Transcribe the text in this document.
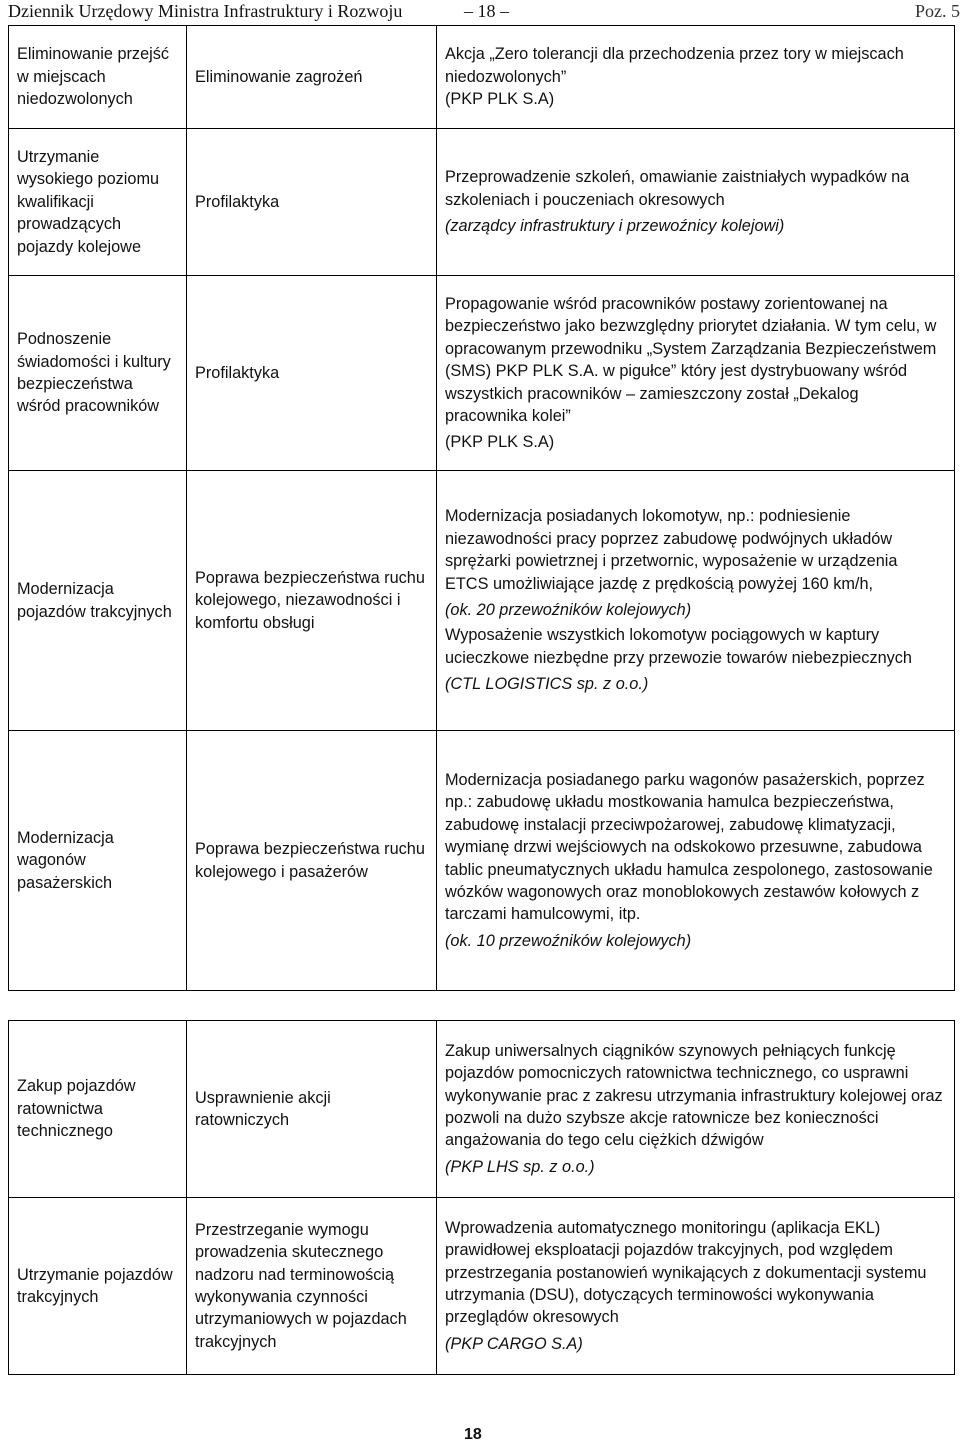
Dziennik Urzędowy Ministra Infrastruktury i Rozwoju	– 18 –	Poz. 5
Eliminowanie przejść w miejscach niedozwolonych	Eliminowanie zagrożeń	Akcja „Zero tolerancji dla przechodzenia przez tory w miejscach niedozwolonych”
(PKP PLK S.A)

Utrzymanie wysokiego poziomu kwalifikacji prowadzących pojazdy kolejowe	Profilaktyka	Przeprowadzenie szkoleń, omawianie zaistniałych wypadków na szkoleniach i pouczeniach okresowych
(zarządcy infrastruktury i przewoźnicy kolejowi)

Podnoszenie świadomości i kultury bezpieczeństwa wśród pracowników	Profilaktyka	Propagowanie wśród pracowników postawy zorientowanej na bezpieczeństwo jako bezwzględny priorytet działania. W tym celu, w opracowanym przewodniku „System Zarządzania Bezpieczeństwem (SMS) PKP PLK S.A. w pigułce” który jest dystrybuowany wśród wszystkich pracowników – zamieszczony został „Dekalog pracownika kolei”
(PKP PLK S.A)

Modernizacja pojazdów trakcyjnych	Poprawa bezpieczeństwa ruchu kolejowego, niezawodności i komfortu obsługi	Modernizacja posiadanych lokomotyw, np.: podniesienie niezawodności pracy poprzez zabudowę podwójnych układów sprężarki powietrznej i przetwornic, wyposażenie w urządzenia ETCS umożliwiające jazdę z prędkością powyżej 160 km/h,
(ok. 20 przewoźników kolejowych)
Wyposażenie wszystkich lokomotyw pociągowych w kaptury ucieczkowe niezbędne przy przewozie towarów niebezpiecznych
(CTL LOGISTICS sp. z o.o.)

Modernizacja wagonów pasażerskich	Poprawa bezpieczeństwa ruchu kolejowego i pasażerów	Modernizacja posiadanego parku wagonów pasażerskich, poprzez np.: zabudowę układu mostkowania hamulca bezpieczeństwa, zabudowę instalacji przeciwpożarowej, zabudowę klimatyzacji, wymianę drzwi wejściowych na odskokowo przesuwne, zabudowa tablic pneumatycznych układu hamulca zespolonego, zastosowanie wózków wagonowych oraz monoblokowych zestawów kołowych z tarczami hamulcowymi, itp.
(ok. 10 przewoźników kolejowych)
Zakup pojazdów ratownictwa technicznego	Usprawnienie akcji ratowniczych	Zakup uniwersalnych ciągników szynowych pełniących funkcję pojazdów pomocniczych ratownictwa technicznego, co usprawni wykonywanie prac z zakresu utrzymania infrastruktury kolejowej oraz pozwoli na dużo szybsze akcje ratownicze bez konieczności angażowania do tego celu ciężkich dźwigów
(PKP LHS sp. z o.o.)

Utrzymanie pojazdów trakcyjnych	Przestrzeganie wymogu prowadzenia skutecznego nadzoru nad terminowością wykonywania czynności utrzymaniowych w pojazdach trakcyjnych	Wprowadzenia automatycznego monitoringu (aplikacja EKL) prawidłowej eksploatacji pojazdów trakcyjnych, pod względem przestrzegania postanowień wynikających z dokumentacji systemu utrzymania (DSU), dotyczących terminowości wykonywania przeglądów okresowych
(PKP CARGO S.A)
18
